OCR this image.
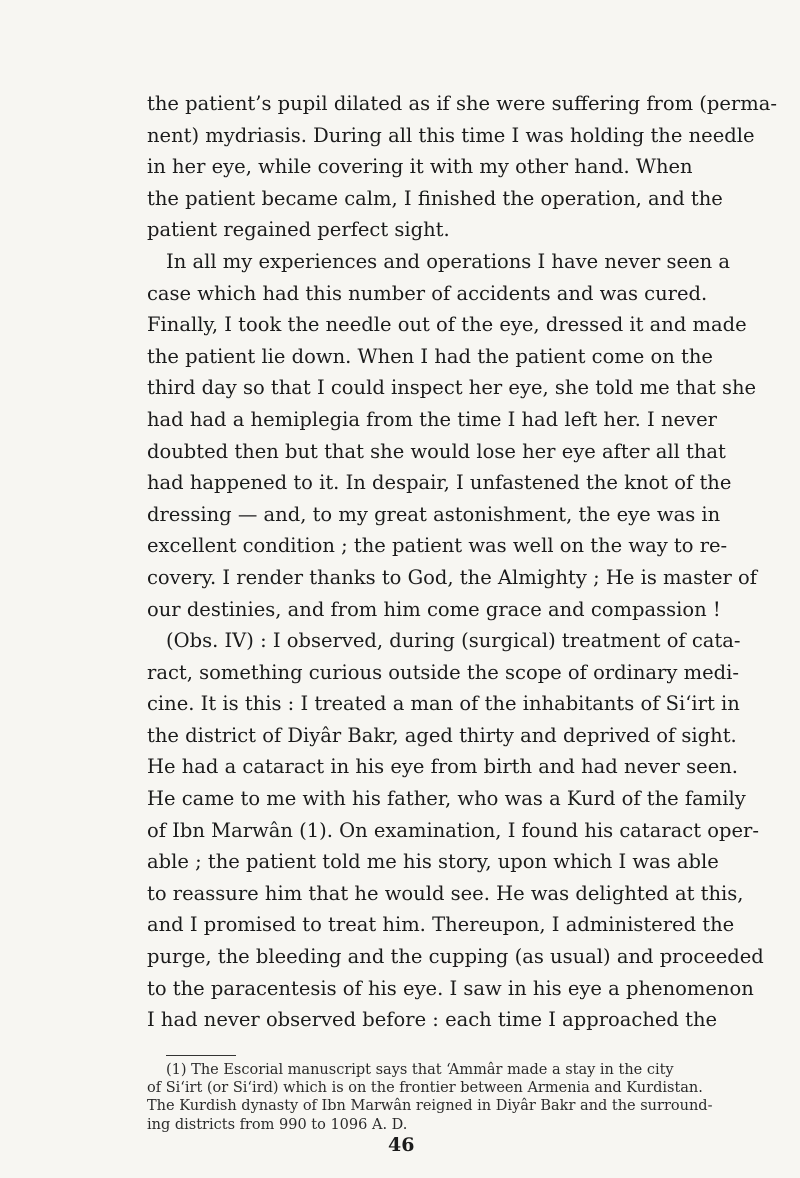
the patient’s pupil dilated as if she were suffering from (perma-
nent) mydriasis. During all this time I was holding the needle
in her eye, while covering it with my other hand. When
the patient became calm, I finished the operation, and the
patient regained perfect sight.
In all my experiences and operations I have never seen a
case which had this number of accidents and was cured.
Finally, I took the needle out of the eye, dressed it and made
the patient lie down. When I had the patient come on the
third day so that I could inspect her eye, she told me that she
had had a hemiplegia from the time I had left her. I never
doubted then but that she would lose her eye after all that
had happened to it. In despair, I unfastened the knot of the
dressing — and, to my great astonishment, the eye was in
excellent condition ; the patient was well on the way to re-
covery. I render thanks to God, the Almighty ; He is master of
our destinies, and from him come grace and compassion !
(Obs. IV) : I observed, during (surgical) treatment of cata-
ract, something curious outside the scope of ordinary medi-
cine. It is this : I treated a man of the inhabitants of Si‘irt in
the district of Diyâr Bakr, aged thirty and deprived of sight.
He had a cataract in his eye from birth and had never seen.
He came to me with his father, who was a Kurd of the family
of Ibn Marwân (1). On examination, I found his cataract oper-
able ; the patient told me his story, upon which I was able
to reassure him that he would see. He was delighted at this,
and I promised to treat him. Thereupon, I administered the
purge, the bleeding and the cupping (as usual) and proceeded
to the paracentesis of his eye. I saw in his eye a phenomenon
I had never observed before : each time I approached the
(1) The Escorial manuscript says that ‘Ammâr made a stay in the city
of Si‘irt (or Si‘ird) which is on the frontier between Armenia and Kurdistan.
The Kurdish dynasty of Ibn Marwân reigned in Diyâr Bakr and the surround-
ing districts from 990 to 1096 A. D.
46
